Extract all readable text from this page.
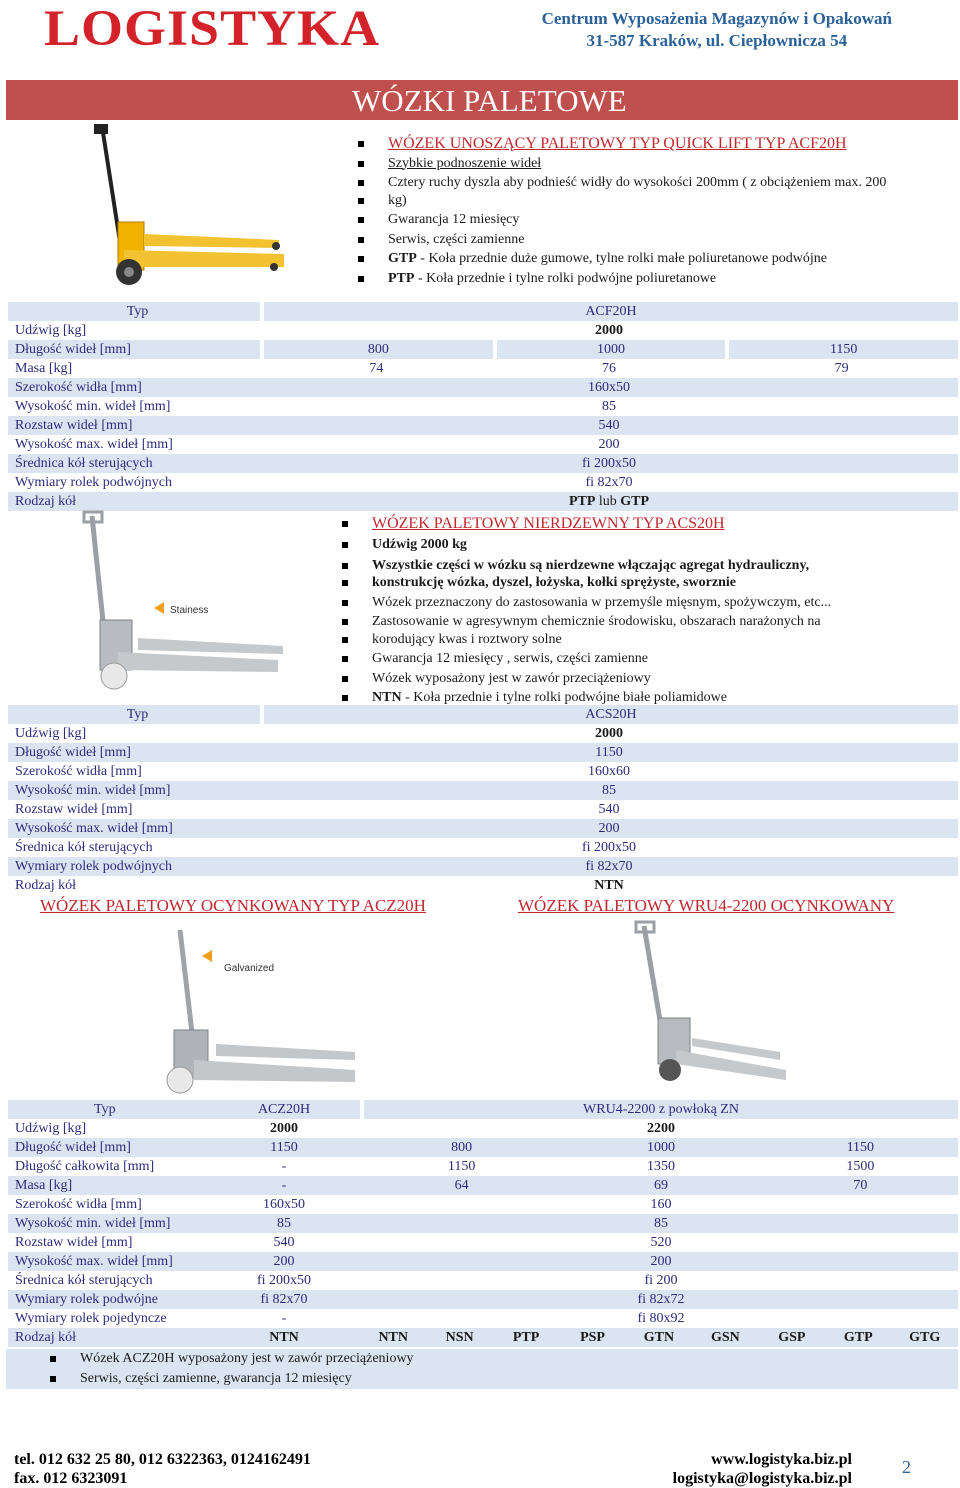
LOGISTYKA	Centrum Wyposażenia Magazynów i Opakowań
31-587 Kraków, ul. Ciepłownicza 54
WÓZKI PALETOWE
WÓZEK UNOSZĄCY PALETOWY TYP QUICK LIFT TYP ACF20H
Szybkie podnoszenie wideł
Cztery ruchy dyszla aby podnieść widły do wysokości 200mm ( z obciążeniem max. 200
kg)
Gwarancja 12 miesięcy
Serwis, części zamienne
GTP - Koła przednie duże gumowe, tylne rolki małe poliuretanowe podwójne
PTP - Koła przednie i tylne rolki podwójne poliuretanowe
Typ	ACF20H
Udźwig [kg]	2000
Długość wideł [mm]	800	1000	1150
Masa [kg]	74	76	79
Szerokość widła [mm]	160x50
Wysokość min. wideł [mm]	85
Rozstaw wideł [mm]	540
Wysokość max. wideł [mm]	200
Średnica kół sterujących	fi 200x50
Wymiary rolek podwójnych	fi 82x70
Rodzaj kół	PTP lub GTP
Stainess
WÓZEK PALETOWY NIERDZEWNY TYP ACS20H
Udźwig 2000 kg
Wszystkie części w wózku są nierdzewne włączając agregat hydrauliczny,
konstrukcję wózka, dyszel, łożyska, kołki sprężyste, sworznie
Wózek przeznaczony do zastosowania w przemyśle mięsnym, spożywczym, etc...
Zastosowanie w agresywnym chemicznie środowisku, obszarach narażonych na
korodujący kwas i roztwory solne
Gwarancja 12 miesięcy , serwis, części zamienne
Wózek wyposażony jest w zawór przeciążeniowy
NTN - Koła przednie i tylne rolki podwójne białe poliamidowe
Typ	ACS20H
Udźwig [kg]	2000
Długość wideł [mm]	1150
Szerokość widła [mm]	160x60
Wysokość min. wideł [mm]	85
Rozstaw wideł [mm]	540
Wysokość max. wideł [mm]	200
Średnica kół sterujących	fi 200x50
Wymiary rolek podwójnych	fi 82x70
Rodzaj kół	NTN
WÓZEK PALETOWY OCYNKOWANY TYP ACZ20H	WÓZEK PALETOWY WRU4-2200 OCYNKOWANY
Galvanized
Typ	ACZ20H	WRU4-2200 z powłoką ZN
Udźwig [kg]	2000	2200
Długość wideł [mm]	1150	800	1000	1150
Długość całkowita [mm]	-	1150	1350	1500
Masa [kg]	-	64	69	70
Szerokość widła [mm]	160x50	160
Wysokość min. wideł [mm]	85	85
Rozstaw wideł [mm]	540	520
Wysokość max. wideł [mm]	200	200
Średnica kół sterujących	fi 200x50	fi 200
Wymiary rolek podwójne	fi 82x70	fi 82x72
Wymiary rolek pojedyncze	-	fi 80x92
Rodzaj kół	NTN	NTN	NSN	PTP	PSP	GTN	GSN	GSP	GTP	GTG
Wózek ACZ20H wyposażony jest w zawór przeciążeniowy
Serwis, części zamienne, gwarancja 12 miesięcy
tel. 012 632 25 80, 012 6322363, 0124162491
fax. 012 6323091
www.logistyka.biz.pl
logistyka@logistyka.biz.pl
2
